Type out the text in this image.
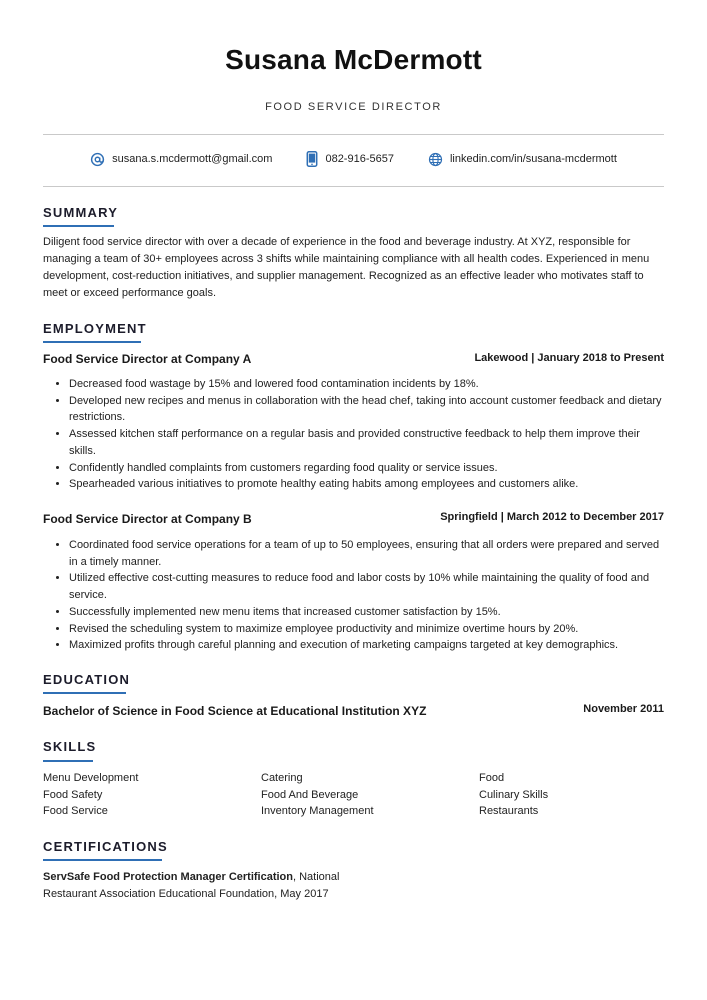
Susana McDermott
FOOD SERVICE DIRECTOR
susana.s.mcdermott@gmail.com	082-916-5657	linkedin.com/in/susana-mcdermott
SUMMARY
Diligent food service director with over a decade of experience in the food and beverage industry. At XYZ, responsible for managing a team of 30+ employees across 3 shifts while maintaining compliance with all health codes. Experienced in menu development, cost-reduction initiatives, and supplier management. Recognized as an effective leader who motivates staff to meet or exceed performance goals.
EMPLOYMENT
Food Service Director at Company A	Lakewood | January 2018 to Present
• Decreased food wastage by 15% and lowered food contamination incidents by 18%.
• Developed new recipes and menus in collaboration with the head chef, taking into account customer feedback and dietary restrictions.
• Assessed kitchen staff performance on a regular basis and provided constructive feedback to help them improve their skills.
• Confidently handled complaints from customers regarding food quality or service issues.
• Spearheaded various initiatives to promote healthy eating habits among employees and customers alike.
Food Service Director at Company B	Springfield | March 2012 to December 2017
• Coordinated food service operations for a team of up to 50 employees, ensuring that all orders were prepared and served in a timely manner.
• Utilized effective cost-cutting measures to reduce food and labor costs by 10% while maintaining the quality of food and service.
• Successfully implemented new menu items that increased customer satisfaction by 15%.
• Revised the scheduling system to maximize employee productivity and minimize overtime hours by 20%.
• Maximized profits through careful planning and execution of marketing campaigns targeted at key demographics.
EDUCATION
Bachelor of Science in Food Science at Educational Institution XYZ	November 2011
SKILLS
Menu Development	Catering	Food
Food Safety	Food And Beverage	Culinary Skills
Food Service	Inventory Management	Restaurants
CERTIFICATIONS
ServSafe Food Protection Manager Certification, National Restaurant Association Educational Foundation, May 2017
